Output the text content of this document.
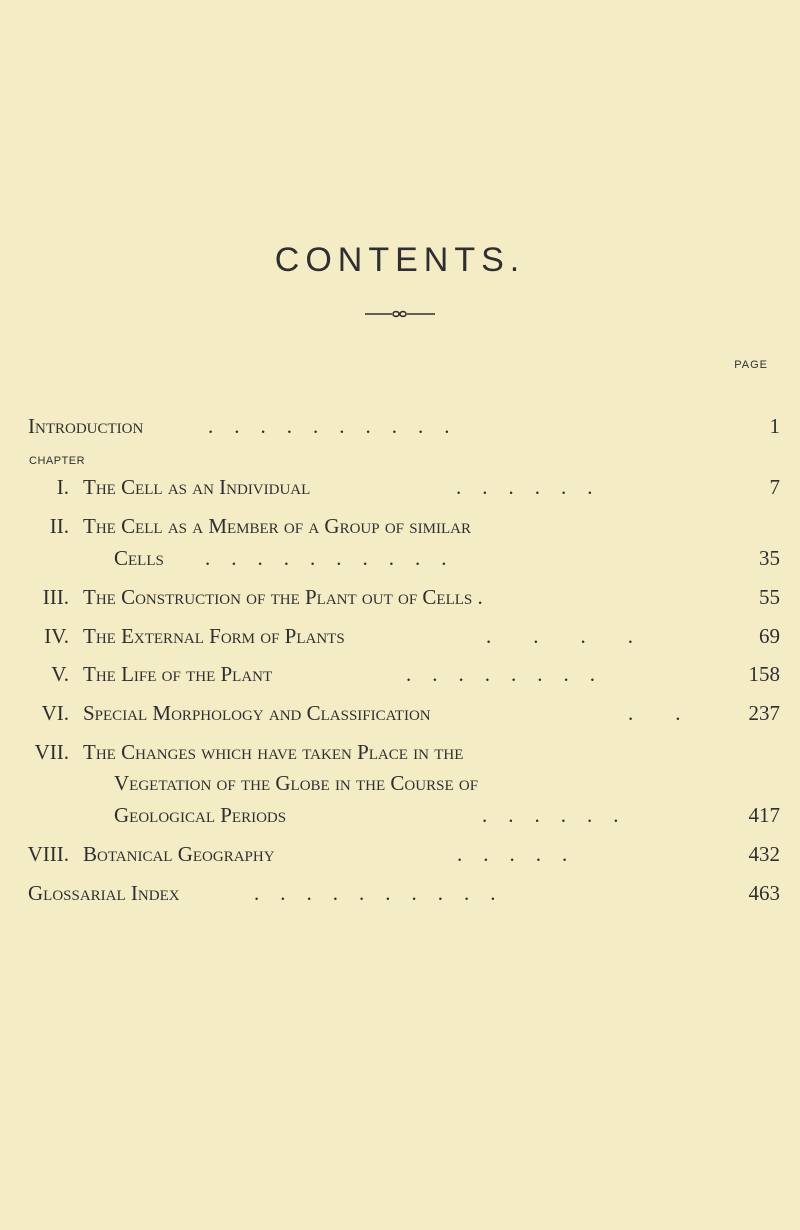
CONTENTS.
PAGE
CHAPTER
Introduction	. . . . . . . . . .	1
I. The Cell as an Individual	. . . . . .	7
II. The Cell as a Member of a Group of similar
Cells . . . . . . . . . .	35
III. The Construction of the Plant out of Cells .	55
IV. The External Form of Plants	.  .  .  .	69
V. The Life of the Plant	. . . . . . . .	158
VI. Special Morphology and Classification	.  .	237
VII. The Changes which have taken Place in the
Vegetation of the Globe in the Course of
Geological Periods	. . . . . .	417
VIII. Botanical Geography	. . . . .	432
Glossarial Index	. . . . . . . . . .	463
